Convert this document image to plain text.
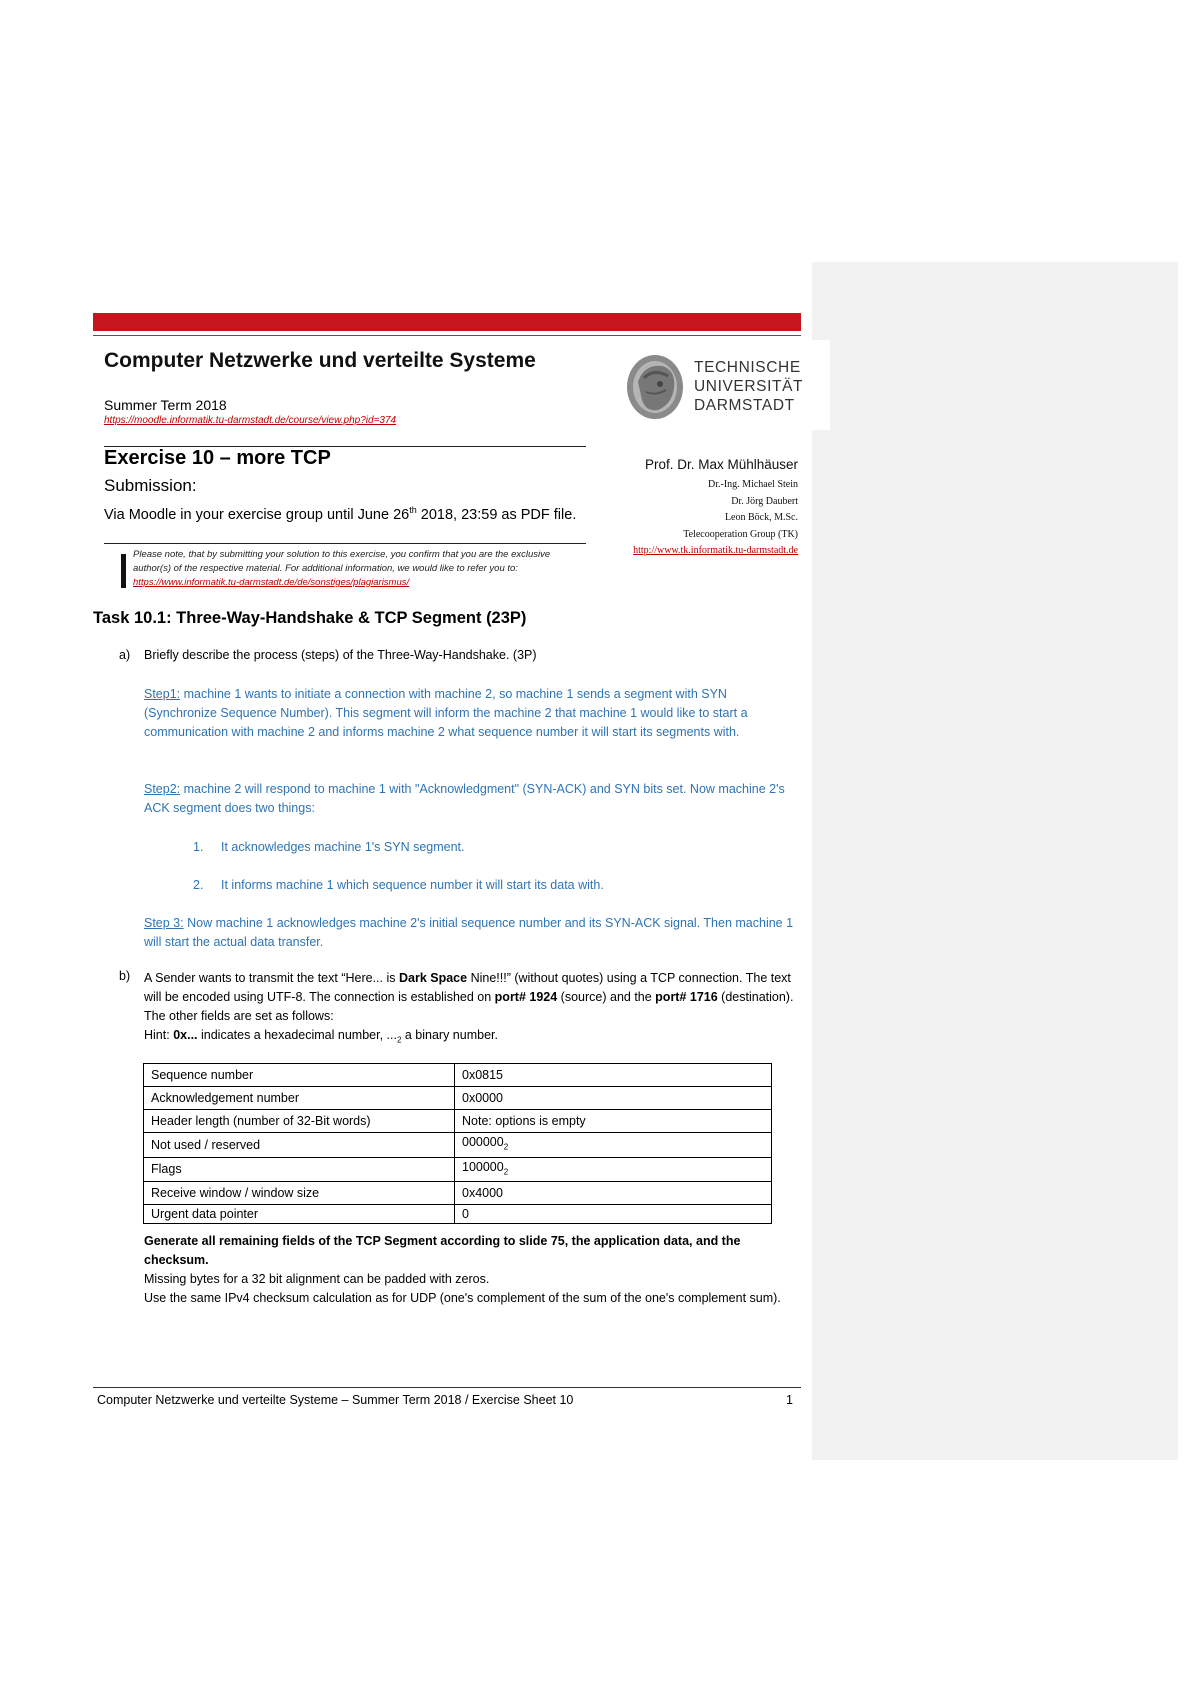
Computer Netzwerke und verteilte Systeme
Summer Term 2018
https://moodle.informatik.tu-darmstadt.de/course/view.php?id=374
TECHNISCHE
UNIVERSITÄT
DARMSTADT
Exercise 10 – more TCP
Submission:
Via Moodle in your exercise group until June 26th 2018, 23:59 as PDF file.
Please note, that by submitting your solution to this exercise, you confirm that you are the exclusive author(s) of the respective material. For additional information, we would like to refer you to:
https://www.informatik.tu-darmstadt.de/de/sonstiges/plagiarismus/
Prof. Dr. Max Mühlhäuser
Dr.-Ing. Michael Stein
Dr. Jörg Daubert
Leon Böck, M.Sc.
Telecooperation Group (TK)
http://www.tk.informatik.tu-darmstadt.de
Task 10.1: Three-Way-Handshake & TCP Segment (23P)
a) Briefly describe the process (steps) of the Three-Way-Handshake. (3P)
Step1: machine 1 wants to initiate a connection with machine 2, so machine 1 sends a segment with SYN (Synchronize Sequence Number). This segment will inform the machine 2 that machine 1 would like to start a communication with machine 2 and informs machine 2 what sequence number it will start its segments with.
Step2: machine 2 will respond to machine 1 with "Acknowledgment" (SYN-ACK) and SYN bits set. Now machine 2's ACK segment does two things:
1. It acknowledges machine 1's SYN segment.
2. It informs machine 1 which sequence number it will start its data with.
Step 3: Now machine 1 acknowledges machine 2's initial sequence number and its SYN-ACK signal. Then machine 1 will start the actual data transfer.
b) A Sender wants to transmit the text “Here... is Dark Space Nine!!!” (without quotes) using a TCP connection. The text will be encoded using UTF-8. The connection is established on port# 1924 (source) and the port# 1716 (destination). The other fields are set as follows:
Hint: 0x... indicates a hexadecimal number, $..._2$ a binary number.
Sequence number	0x0815
Acknowledgement number	0x0000
Header length (number of 32-Bit words)	Note: options is empty
Not used / reserved	$000000_2$
Flags	$100000_2$
Receive window / window size	0x4000
Urgent data pointer	0
Generate all remaining fields of the TCP Segment according to slide 75, the application data, and the checksum.
Missing bytes for a 32 bit alignment can be padded with zeros.
Use the same IPv4 checksum calculation as for UDP (one's complement of the sum of the one's complement sum).
Computer Netzwerke und verteilte Systeme – Summer Term 2018 / Exercise Sheet 10	1
